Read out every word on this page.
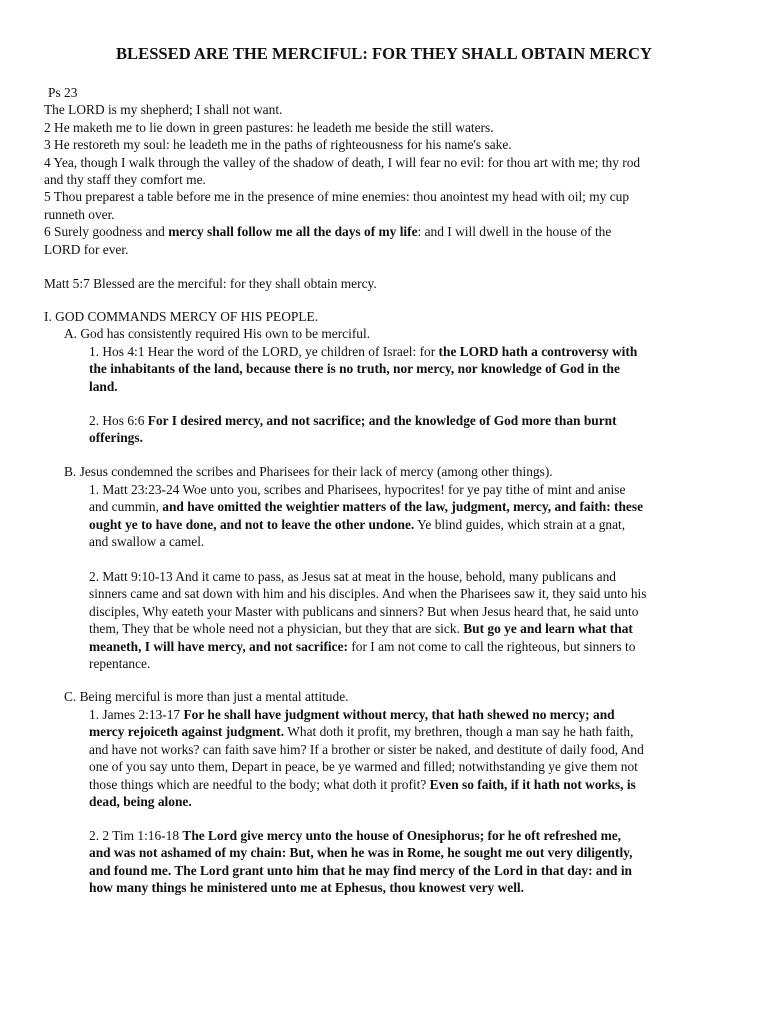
BLESSED ARE THE MERCIFUL: FOR THEY SHALL OBTAIN MERCY

Ps 23

The LORD is my shepherd; I shall not want.

2 He maketh me to lie down in green pastures: he leadeth me beside the still waters.

3 He restoreth my soul: he leadeth me in the paths of righteousness for his name's sake.

4 Yea, though I walk through the valley of the shadow of death, I will fear no evil: for thou art with me; thy rod

and thy staff they comfort me.

5 Thou preparest a table before me in the presence of mine enemies: thou anointest my head with oil; my cup

runneth over.

6 Surely goodness and mercy shall follow me all the days of my life: and I will dwell in the house of the

LORD for ever.

Matt 5:7 Blessed are the merciful: for they shall obtain mercy.
I. GOD COMMANDS MERCY OF HIS PEOPLE.
A. God has consistently required His own to be merciful.

1. Hos 4:1 Hear the word of the LORD, ye children of Israel: for the LORD hath a controversy with

the inhabitants of the land, because there is no truth, nor mercy, nor knowledge of God in the

land.

2. Hos 6:6 For I desired mercy, and not sacrifice; and the knowledge of God more than burnt

offerings.

B. Jesus condemned the scribes and Pharisees for their lack of mercy (among other things).

1. Matt 23:23-24 Woe unto you, scribes and Pharisees, hypocrites! for ye pay tithe of mint and anise

and cummin, and have omitted the weightier matters of the law, judgment, mercy, and faith: these

ought ye to have done, and not to leave the other undone. Ye blind guides, which strain at a gnat,

and swallow a camel.

2. Matt 9:10-13 And it came to pass, as Jesus sat at meat in the house, behold, many publicans and

sinners came and sat down with him and his disciples. And when the Pharisees saw it, they said unto his

disciples, Why eateth your Master with publicans and sinners? But when Jesus heard that, he said unto

them, They that be whole need not a physician, but they that are sick. But go ye and learn what that

meaneth, I will have mercy, and not sacrifice: for I am not come to call the righteous, but sinners to

repentance.

C. Being merciful is more than just a mental attitude.

1. James 2:13-17 For he shall have judgment without mercy, that hath shewed no mercy; and

mercy rejoiceth against judgment. What doth it profit, my brethren, though a man say he hath faith,

and have not works? can faith save him? If a brother or sister be naked, and destitute of daily food, And

one of you say unto them, Depart in peace, be ye warmed and filled; notwithstanding ye give them not

those things which are needful to the body; what doth it profit? Even so faith, if it hath not works, is

dead, being alone.

2. 2 Tim 1:16-18 The Lord give mercy unto the house of Onesiphorus; for he oft refreshed me,

and was not ashamed of my chain: But, when he was in Rome, he sought me out very diligently,

and found me. The Lord grant unto him that he may find mercy of the Lord in that day: and in

how many things he ministered unto me at Ephesus, thou knowest very well.
